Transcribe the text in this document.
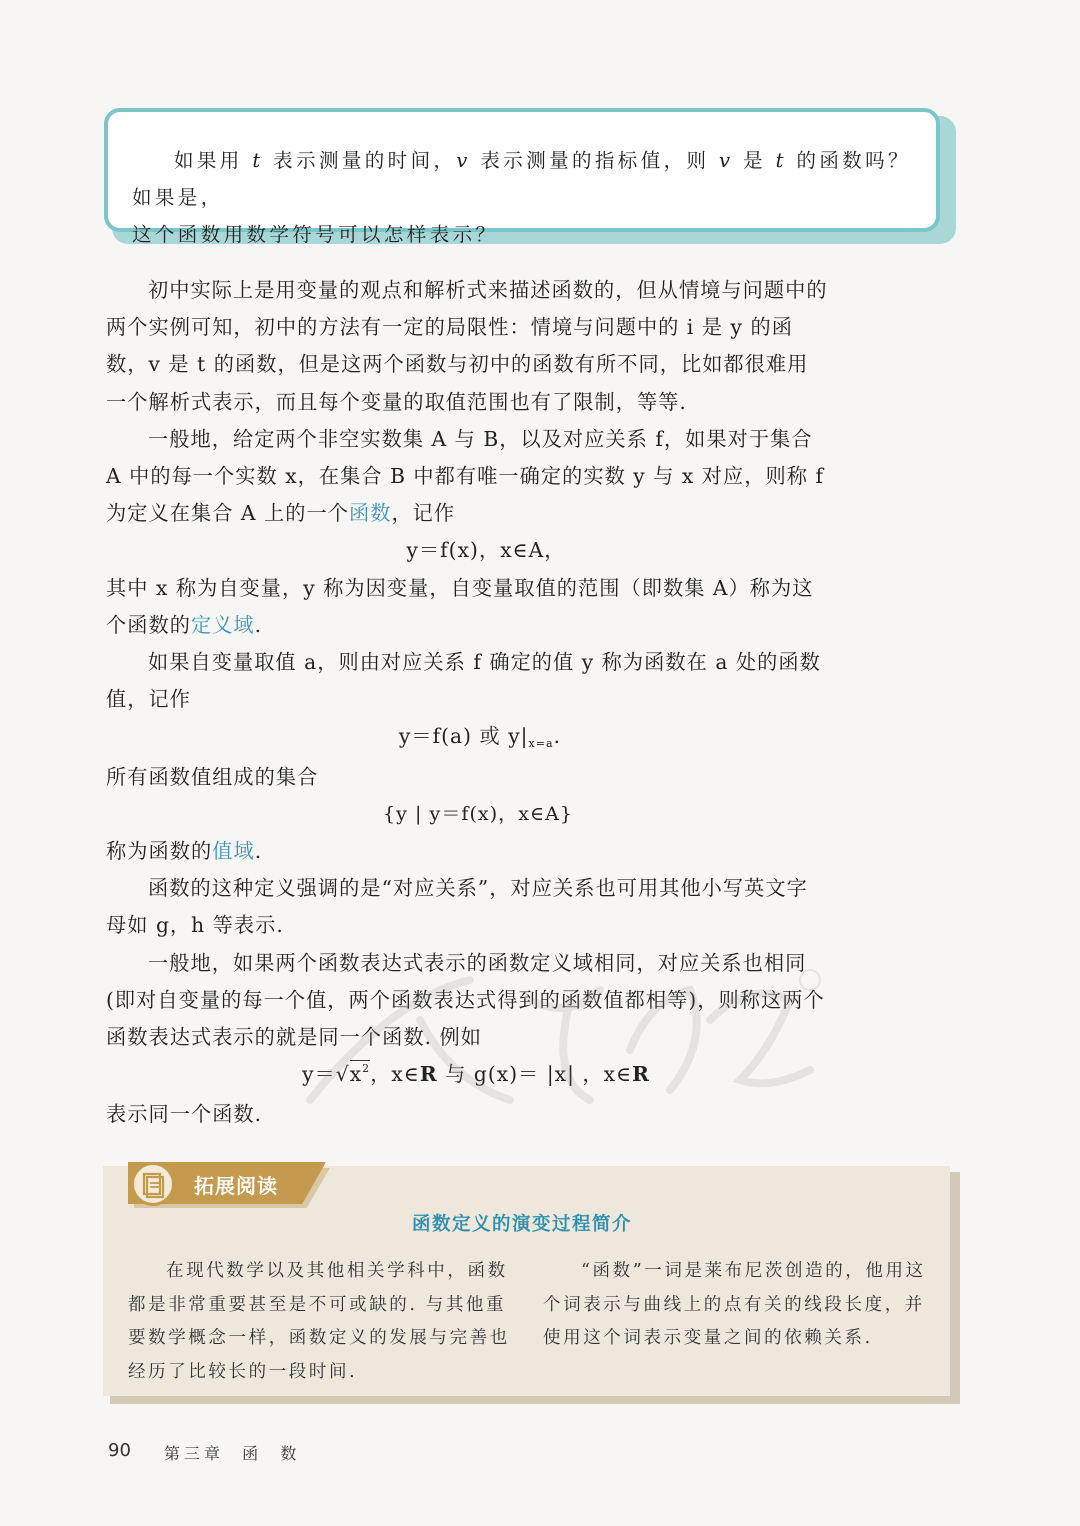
如果用 t 表示测量的时间，v 表示测量的指标值，则 v 是 t 的函数吗？如果是，

这个函数用数学符号可以怎样表示？

初中实际上是用变量的观点和解析式来描述函数的，但从情境与问题中的两个实例可知，初中的方法有一定的局限性：情境与问题中的 i 是 y 的函数，v 是 t 的函数，但是这两个函数与初中的函数有所不同，比如都很难用一个解析式表示，而且每个变量的取值范围也有了限制，等等.

一般地，给定两个非空实数集 A 与 B，以及对应关系 f，如果对于集合 A 中的每一个实数 x，在集合 B 中都有唯一确定的实数 y 与 x 对应，则称 f 为定义在集合 A 上的一个函数，记作

y＝f(x)，x∈A，

其中 x 称为自变量，y 称为因变量，自变量取值的范围（即数集 A）称为这个函数的定义域.

如果自变量取值 a，则由对应关系 f 确定的值 y 称为函数在 a 处的函数值，记作

y＝f(a) 或 y|x=a.

所有函数值组成的集合

{y | y＝f(x)，x∈A}

称为函数的值域.

函数的这种定义强调的是“对应关系”，对应关系也可用其他小写英文字母如 g，h 等表示.

一般地，如果两个函数表达式表示的函数定义域相同，对应关系也相同(即对自变量的每一个值，两个函数表达式得到的函数值都相等)，则称这两个函数表达式表示的就是同一个函数. 例如

$y=√x^2$，x∈R 与 g(x)＝ |x| ，x∈R

表示同一个函数.

拓展阅读
函数定义的演变过程简介

在现代数学以及其他相关学科中，函数都是非常重要甚至是不可或缺的. 与其他重要数学概念一样，函数定义的发展与完善也经历了比较长的一段时间.

“函数”一词是莱布尼茨创造的，他用这个词表示与曲线上的点有关的线段长度，并使用这个词表示变量之间的依赖关系.

90 第三章  函  数
